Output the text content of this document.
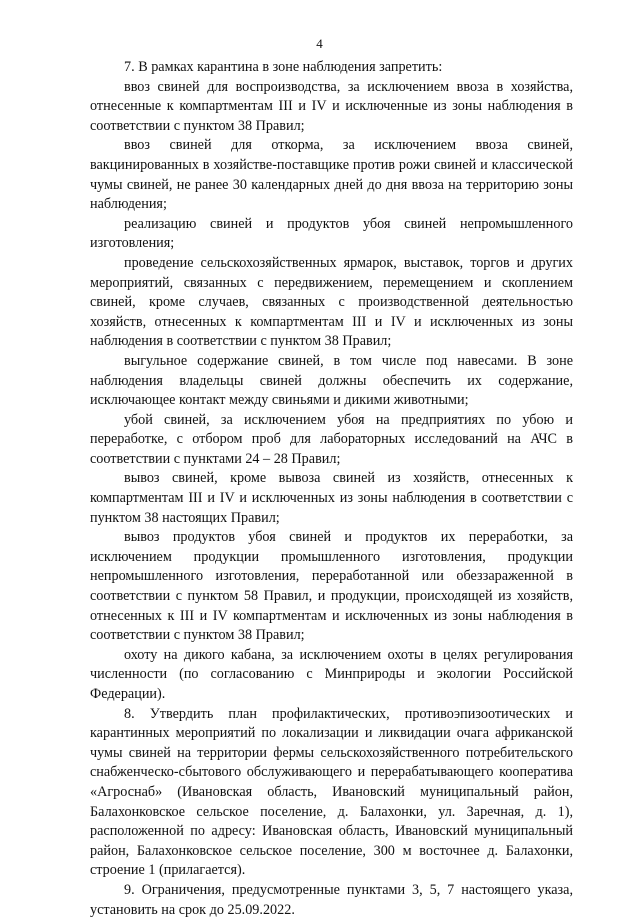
4

7. В рамках карантина в зоне наблюдения запретить:

ввоз свиней для воспроизводства, за исключением ввоза в хозяйства, отнесенные к компартментам III и IV и исключенные из зоны наблюдения в соответствии с пунктом 38 Правил;

ввоз свиней для откорма, за исключением ввоза свиней, вакцинированных в хозяйстве-поставщике против рожи свиней и классической чумы свиней, не ранее 30 календарных дней до дня ввоза на территорию зоны наблюдения;

реализацию свиней и продуктов убоя свиней непромышленного изготовления;

проведение сельскохозяйственных ярмарок, выставок, торгов и других мероприятий, связанных с передвижением, перемещением и скоплением свиней, кроме случаев, связанных с производственной деятельностью хозяйств, отнесенных к компартментам III и IV и исключенных из зоны наблюдения в соответствии с пунктом 38 Правил;

выгульное содержание свиней, в том числе под навесами. В зоне наблюдения владельцы свиней должны обеспечить их содержание, исключающее контакт между свиньями и дикими животными;

убой свиней, за исключением убоя на предприятиях по убою и переработке, с отбором проб для лабораторных исследований на АЧС в соответствии с пунктами 24 – 28 Правил;

вывоз свиней, кроме вывоза свиней из хозяйств, отнесенных к компартментам III и IV и исключенных из зоны наблюдения в соответствии с пунктом 38 настоящих Правил;

вывоз продуктов убоя свиней и продуктов их переработки, за исключением продукции промышленного изготовления, продукции непромышленного изготовления, переработанной или обеззараженной в соответствии с пунктом 58 Правил, и продукции, происходящей из хозяйств, отнесенных к III и IV компартментам и исключенных из зоны наблюдения в соответствии с пунктом 38 Правил;

охоту на дикого кабана, за исключением охоты в целях регулирования численности (по согласованию с Минприроды и экологии Российской Федерации).

8. Утвердить план профилактических, противоэпизоотических и карантинных мероприятий по локализации и ликвидации очага африканской чумы свиней на территории фермы сельскохозяйственного потребительского снабженческо-сбытового обслуживающего и перерабатывающего кооператива «Агроснаб» (Ивановская область, Ивановский муниципальный район, Балахонковское сельское поселение, д. Балахонки, ул. Заречная, д. 1), расположенной по адресу: Ивановская область, Ивановский муниципальный район, Балахонковское сельское поселение, 300 м восточнее д. Балахонки, строение 1 (прилагается).

9. Ограничения, предусмотренные пунктами 3, 5, 7 настоящего указа, установить на срок до 25.09.2022.
